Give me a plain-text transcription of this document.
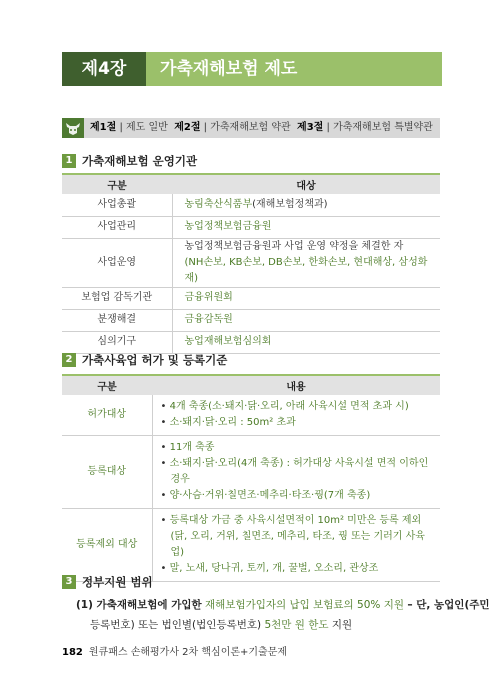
제4장	가축재해보험 제도
제1절 | 제도 일반 제2절 | 가축재해보험 약관 제3절 | 가축재해보험 특별약관
1 가축재해보험 운영기관
구분	대상
사업총괄	농림축산식품부(재해보험정책과)
사업관리	농업정책보험금융원
사업운영	농업정책보험금융원과 사업 운영 약정을 체결한 자
(NH손보, KB손보, DB손보, 한화손보, 현대해상, 삼성화재)

보험업 감독기관	금융위원회
분쟁해결	금융감독원
심의기구	농업재해보험심의회
2 가축사육업 허가 및 등록기준
구분	내용
허가대상	• 4개 축종(소·돼지·닭·오리, 아래 사육시설 면적 초과 시)
• 소·돼지·닭·오리 : 50m² 초과

등록대상	• 11개 축종
• 소·돼지·닭·오리(4개 축종) : 허가대상 사육시설 면적 이하인 경우
• 양·사슴·거위·칠면조·메추리·타조·꿩(7개 축종)

등록제외 대상	• 등록대상 가금 중 사육시설면적이 10m² 미만은 등록 제외(닭, 오리, 거위, 칠면조, 메추리, 타조, 꿩 또는 기러기 사육업)
• 말, 노새, 당나귀, 토끼, 개, 꿀벌, 오소리, 관상조
3 정부지원 범위
(1) 가축재해보험에 가입한 재해보험가입자의 납입 보험료의 50% 지원 – 단, 농업인(주민
등록번호) 또는 법인별(법인등록번호) 5천만 원 한도 지원
182 원큐패스 손해평가사 2차 핵심이론+기출문제
